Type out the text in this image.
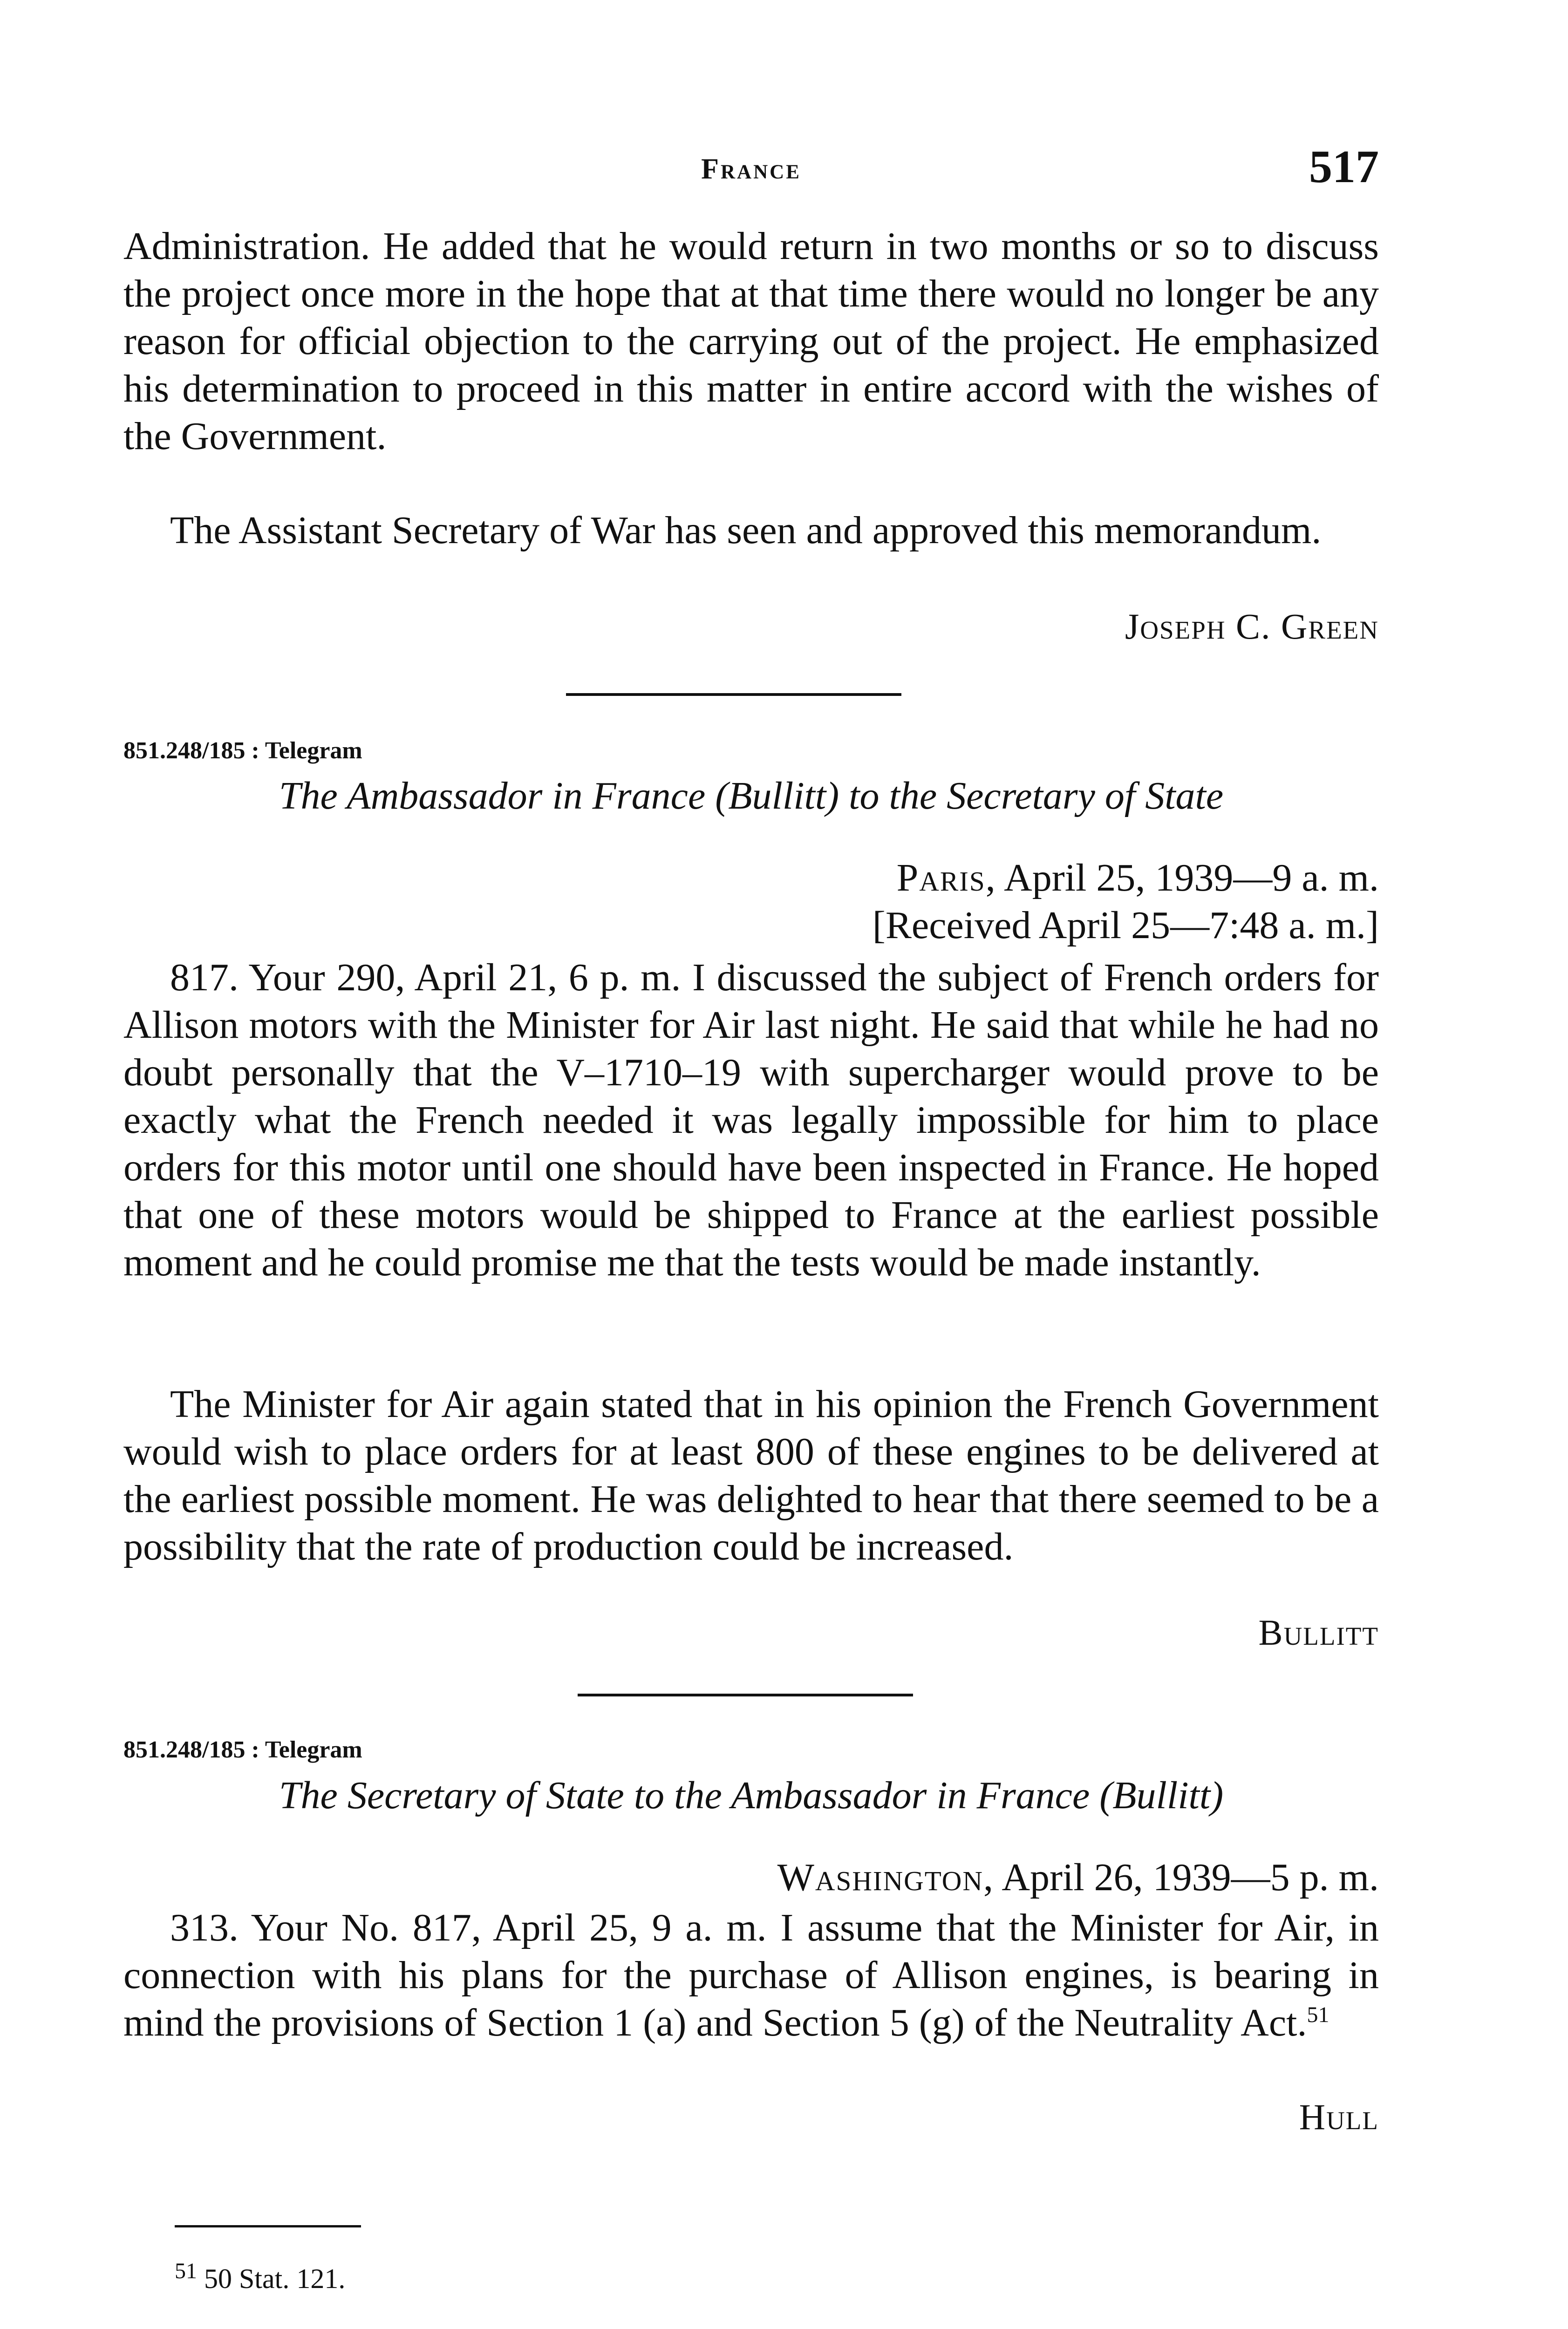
France	517

Administration. He added that he would return in two months or so to discuss the project once more in the hope that at that time there would no longer be any reason for official objection to the carrying out of the project. He emphasized his determination to proceed in this matter in entire accord with the wishes of the Government.

The Assistant Secretary of War has seen and approved this memorandum.

Joseph C. Green
851.248/185 : Telegram
The Ambassador in France (Bullitt) to the Secretary of State
Paris, April 25, 1939—9 a. m.
[Received April 25—7:48 a. m.]

817. Your 290, April 21, 6 p. m. I discussed the subject of French orders for Allison motors with the Minister for Air last night. He said that while he had no doubt personally that the V–1710–19 with supercharger would prove to be exactly what the French needed it was legally impossible for him to place orders for this motor until one should have been inspected in France. He hoped that one of these motors would be shipped to France at the earliest possible moment and he could promise me that the tests would be made instantly.

The Minister for Air again stated that in his opinion the French Government would wish to place orders for at least 800 of these engines to be delivered at the earliest possible moment. He was delighted to hear that there seemed to be a possibility that the rate of production could be increased.

Bullitt
851.248/185 : Telegram
The Secretary of State to the Ambassador in France (Bullitt)
Washington, April 26, 1939—5 p. m.

313. Your No. 817, April 25, 9 a. m. I assume that the Minister for Air, in connection with his plans for the purchase of Allison engines, is bearing in mind the provisions of Section 1 (a) and Section 5 (g) of the Neutrality Act.$^{51}$

Hull
$^{51}$ 50 Stat. 121.
